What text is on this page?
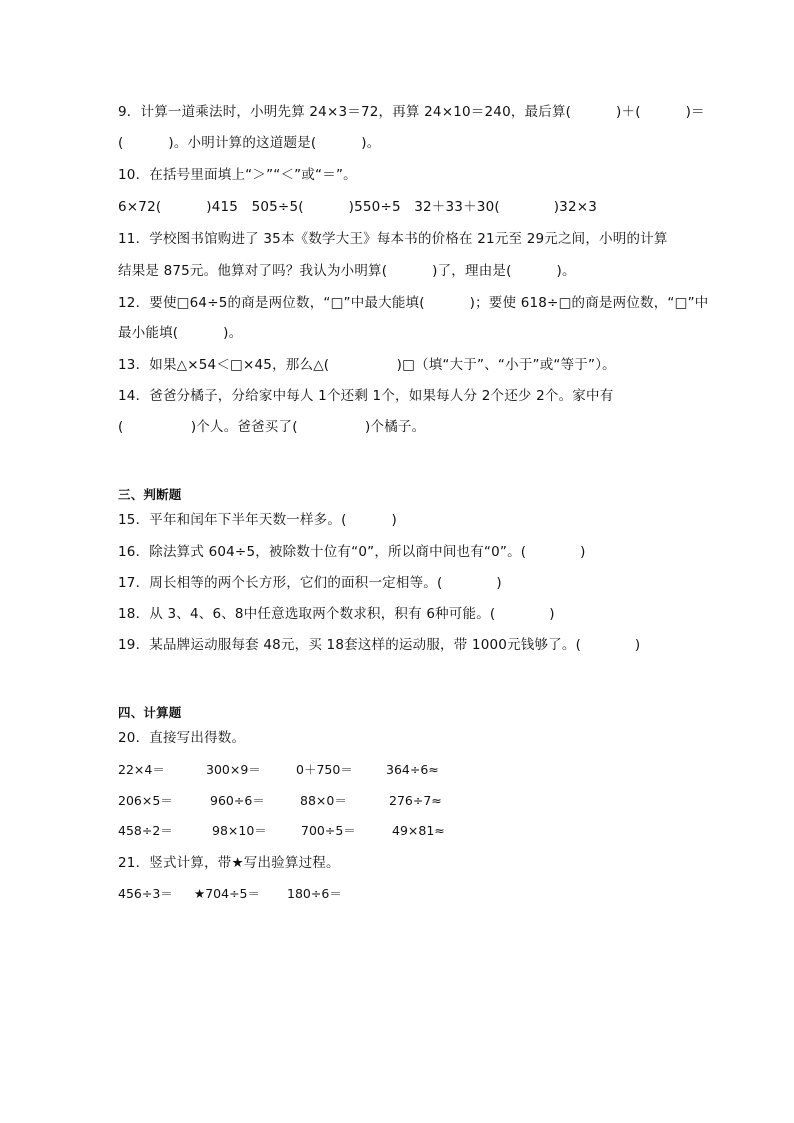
9．计算一道乘法时，小明先算 24×3＝72，再算 24×10＝240，最后算(          )＋(          )＝
(          )。小明计算的这道题是(          )。
10．在括号里面填上“＞”“＜”或“＝”。
6×72(          )415   505÷5(          )550÷5   32＋33＋30(            )32×3
11．学校图书馆购进了 35本《数学大王》每本书的价格在 21元至 29元之间，小明的计算
结果是 875元。他算对了吗？我认为小明算(          )了，理由是(          )。
12．要使□64÷5的商是两位数，“□”中最大能填(          )；要使 618÷□的商是两位数，“□”中
最小能填(          )。
13．如果△×54＜□×45，那么△(               )□（填“大于”、“小于”或“等于”）。
14．爸爸分橘子，分给家中每人 1个还剩 1个，如果每人分 2个还少 2个。家中有
(               )个人。爸爸买了(               )个橘子。
三、判断题
15．平年和闰年下半年天数一样多。(          )
16．除法算式 604÷5，被除数十位有“0”，所以商中间也有“0”。(            )
17．周长相等的两个长方形，它们的面积一定相等。(            )
18．从 3、4、6、8中任意选取两个数求积，积有 6种可能。(            )
19．某品牌运动服每套 48元，买 18套这样的运动服，带 1000元钱够了。(            )
四、计算题
20．直接写出得数。
22×4＝	300×9＝	0＋750＝	364÷6≈
206×5＝	960÷6＝	88×0＝	276÷7≈
458÷2＝	98×10＝	700÷5＝	49×81≈
21．竖式计算，带★写出验算过程。
456÷3＝ ★704÷5＝ 180÷6＝
